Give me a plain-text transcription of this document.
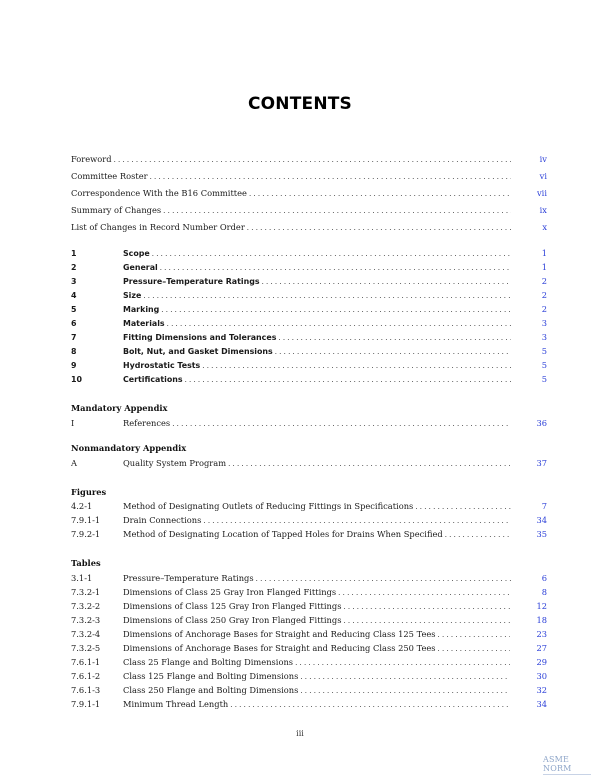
CONTENTS
Foreword . . .	iv
Committee Roster . . .	vi
Correspondence With the B16 Committee . . .	vii
Summary of Changes . . .	ix
List of Changes in Record Number Order . . .	x
1	Scope . . .	1
2	General . . .	1
3	Pressure–Temperature Ratings . . .	2
4	Size . . .	2
5	Marking . . .	2
6	Materials . . .	3
7	Fitting Dimensions and Tolerances . . .	3
8	Bolt, Nut, and Gasket Dimensions . . .	5
9	Hydrostatic Tests . . .	5
10	Certifications . . .	5
Mandatory Appendix
I	References . . .	36
Nonmandatory Appendix
A	Quality System Program . . .	37
Figures
4.2-1	Method of Designating Outlets of Reducing Fittings in Specifications . . .	7
7.9.1-1	Drain Connections . . .	34
7.9.2-1	Method of Designating Location of Tapped Holes for Drains When Specified . . .	35
Tables
3.1-1	Pressure–Temperature Ratings . . .	6
7.3.2-1	Dimensions of Class 25 Gray Iron Flanged Fittings . . .	8
7.3.2-2	Dimensions of Class 125 Gray Iron Flanged Fittings . . .	12
7.3.2-3	Dimensions of Class 250 Gray Iron Flanged Fittings . . .	18
7.3.2-4	Dimensions of Anchorage Bases for Straight and Reducing Class 125 Tees . . .	23
7.3.2-5	Dimensions of Anchorage Bases for Straight and Reducing Class 250 Tees . . .	27
7.6.1-1	Class 25 Flange and Bolting Dimensions . . .	29
7.6.1-2	Class 125 Flange and Bolting Dimensions . . .	30
7.6.1-3	Class 250 Flange and Bolting Dimensions . . .	32
7.9.1-1	Minimum Thread Length . . .	34
iii
ASME NORM
